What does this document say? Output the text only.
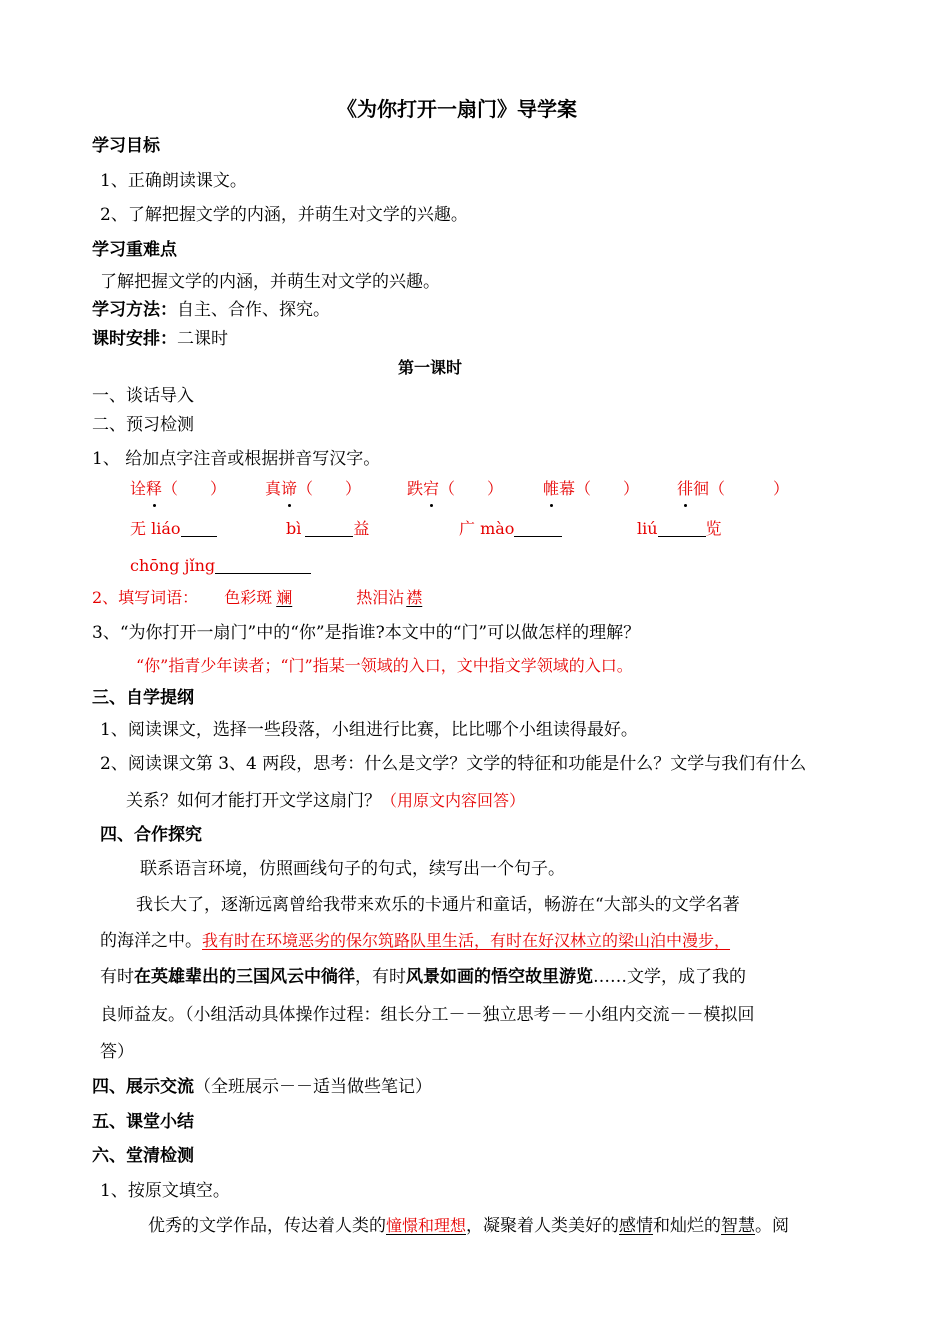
《为你打开一扇门》导学案
学习目标
1、正确朗读课文。
2、了解把握文学的内涵，并萌生对文学的兴趣。
学习重难点
了解把握文学的内涵，并萌生对文学的兴趣。
学习方法：自主、合作、探究。
课时安排：二课时
第一课时
一、谈话导入
二、预习检测
1、 给加点字注音或根据拼音写汉字。
诠释（　　） 真谛（　　）	跌宕（　　） 帷幕（　　） 徘徊（　　　）
无 liáo	bì	益	广 mào	liú	览
chōng jǐng
2、填写词语： 色彩斑 斓	热泪沾 襟
3、“为你打开一扇门”中的“你”是指谁?本文中的“门”可以做怎样的理解？
“你”指青少年读者；“门”指某一领域的入口，文中指文学领域的入口。
三、自学提纲
1、阅读课文，选择一些段落，小组进行比赛，比比哪个小组读得最好。
2、阅读课文第 3、4 两段，思考：什么是文学？文学的特征和功能是什么？文学与我们有什么
关系？如何才能打开文学这扇门？（用原文内容回答）
四、合作探究
联系语言环境，仿照画线句子的句式，续写出一个句子。
我长大了，逐渐远离曾给我带来欢乐的卡通片和童话，畅游在“大部头的文学名著
的海洋之中。我有时在环境恶劣的保尔筑路队里生活，有时在好汉林立的梁山泊中漫步，
有时在英雄辈出的三国风云中徜徉，有时风景如画的悟空故里游览……文学，成了我的
良师益友。（小组活动具体操作过程：组长分工－－独立思考－－小组内交流－－模拟回
答）
四、展示交流（全班展示－－适当做些笔记）
五、课堂小结
六、堂清检测
1、按原文填空。
优秀的文学作品，传达着人类的憧憬和理想，凝聚着人类美好的感情和灿烂的智慧。阅
